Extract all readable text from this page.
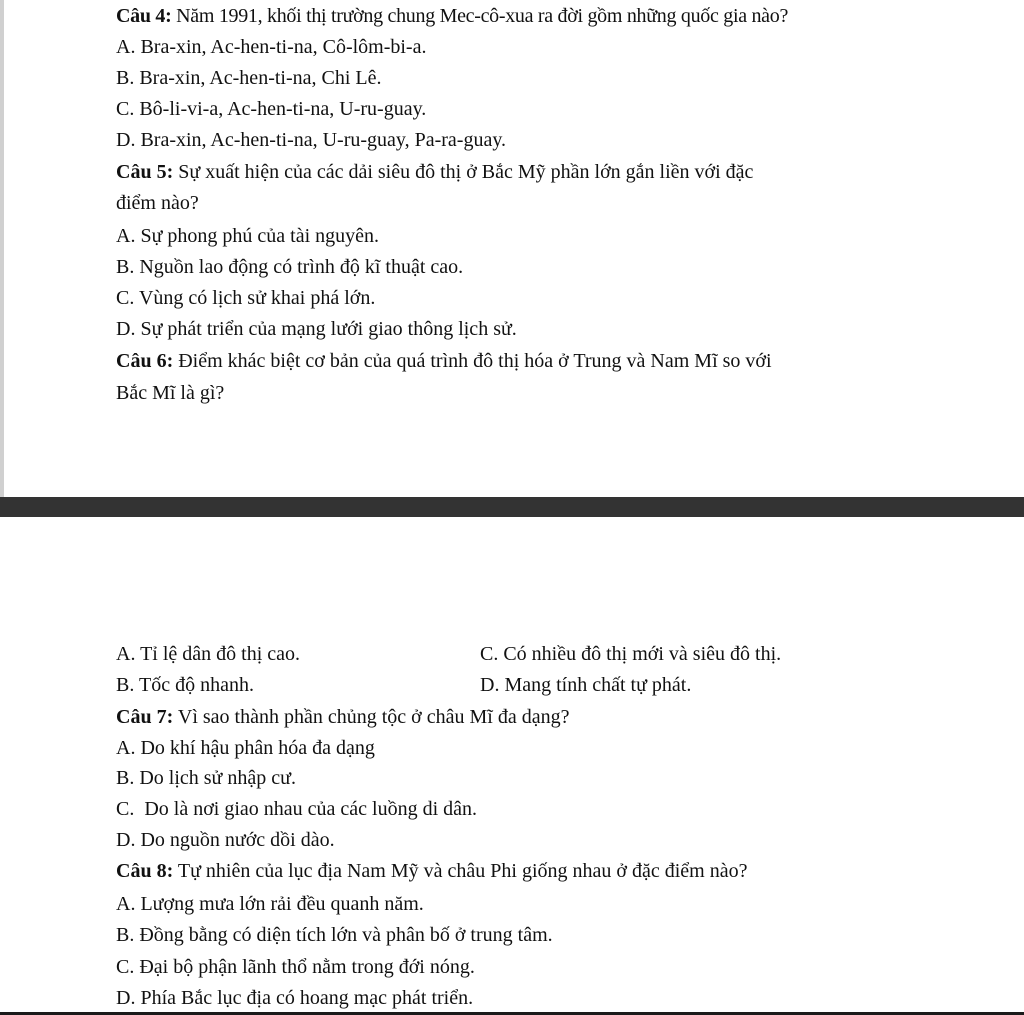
Câu 4: Năm 1991, khối thị trường chung Mec-cô-xua ra đời gồm những quốc gia nào?
A. Bra-xin, Ac-hen-ti-na, Cô-lôm-bi-a.
B. Bra-xin, Ac-hen-ti-na, Chi Lê.
C. Bô-li-vi-a, Ac-hen-ti-na, U-ru-guay.
D. Bra-xin, Ac-hen-ti-na, U-ru-guay, Pa-ra-guay.
Câu 5: Sự xuất hiện của các dải siêu đô thị ở Bắc Mỹ phần lớn gắn liền với đặc
điểm nào?
A. Sự phong phú của tài nguyên.
B. Nguồn lao động có trình độ kĩ thuật cao.
C. Vùng có lịch sử khai phá lớn.
D. Sự phát triển của mạng lưới giao thông lịch sử.
Câu 6: Điểm khác biệt cơ bản của quá trình đô thị hóa ở Trung và Nam Mĩ so với
Bắc Mĩ là gì?
A. Tỉ lệ dân đô thị cao.	C. Có nhiều đô thị mới và siêu đô thị.
B. Tốc độ nhanh.	D. Mang tính chất tự phát.
Câu 7: Vì sao thành phần chủng tộc ở châu Mĩ đa dạng?
A. Do khí hậu phân hóa đa dạng
B. Do lịch sử nhập cư.
C.  Do là nơi giao nhau của các luồng di dân.
D. Do nguồn nước dồi dào.
Câu 8: Tự nhiên của lục địa Nam Mỹ và châu Phi giống nhau ở đặc điểm nào?
A. Lượng mưa lớn rải đều quanh năm.
B. Đồng bằng có diện tích lớn và phân bố ở trung tâm.
C. Đại bộ phận lãnh thổ nằm trong đới nóng.
D. Phía Bắc lục địa có hoang mạc phát triển.
